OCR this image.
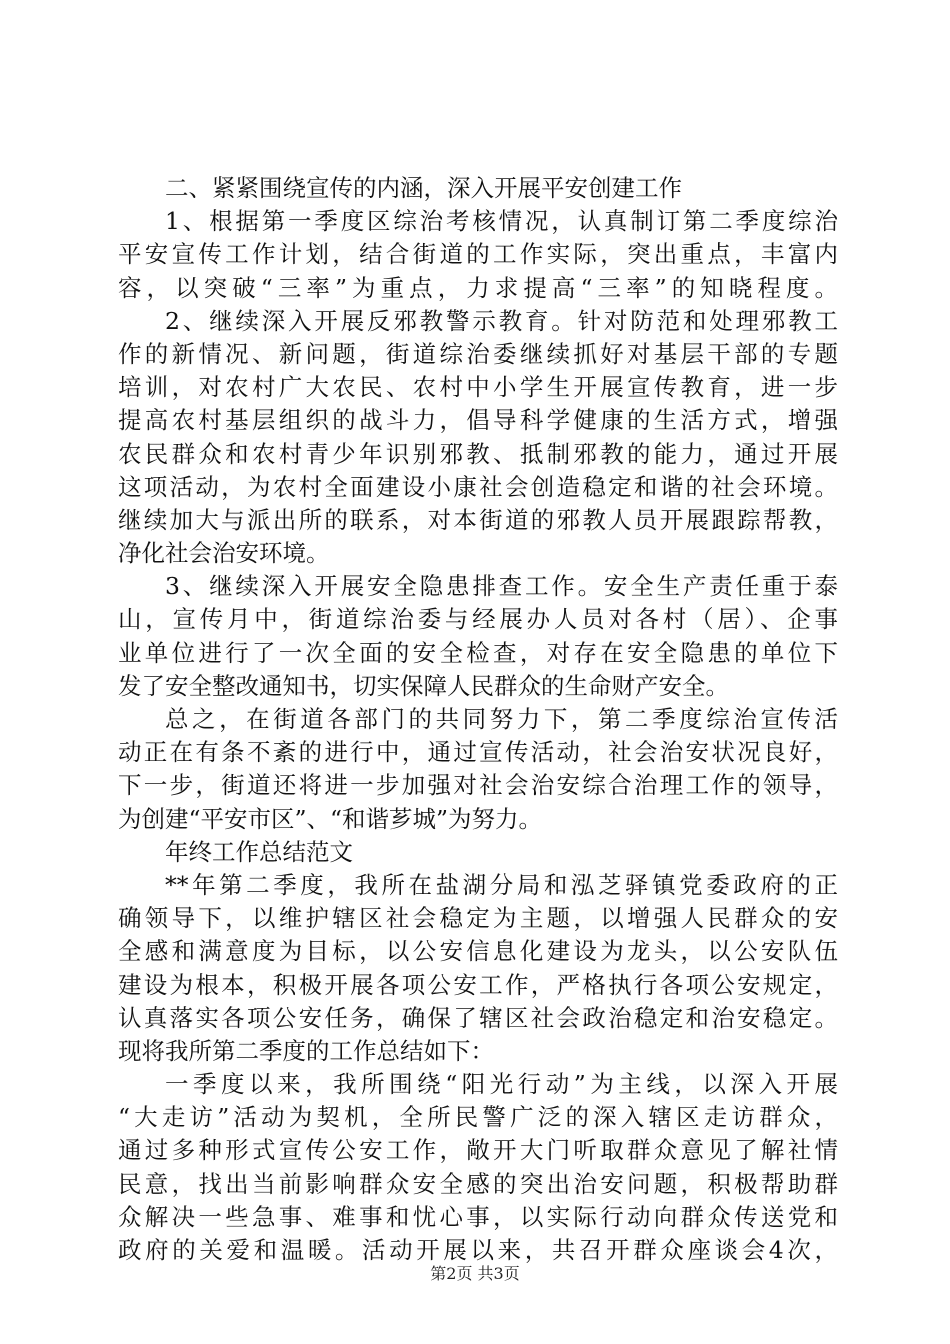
二、紧紧围绕宣传的内涵，深入开展平安创建工作
1、根据第一季度区综治考核情况，认真制订第二季度综治
平安宣传工作计划，结合街道的工作实际，突出重点，丰富内
容，以突破“三率”为重点，力求提高“三率”的知晓程度。
2、继续深入开展反邪教警示教育。针对防范和处理邪教工
作的新情况、新问题，街道综治委继续抓好对基层干部的专题
培训，对农村广大农民、农村中小学生开展宣传教育，进一步
提高农村基层组织的战斗力，倡导科学健康的生活方式，增强
农民群众和农村青少年识别邪教、抵制邪教的能力，通过开展
这项活动，为农村全面建设小康社会创造稳定和谐的社会环境。
继续加大与派出所的联系，对本街道的邪教人员开展跟踪帮教，
净化社会治安环境。
3、继续深入开展安全隐患排查工作。安全生产责任重于泰
山，宣传月中，街道综治委与经展办人员对各村（居）、企事
业单位进行了一次全面的安全检查，对存在安全隐患的单位下
发了安全整改通知书，切实保障人民群众的生命财产安全。
总之，在街道各部门的共同努力下，第二季度综治宣传活
动正在有条不紊的进行中，通过宣传活动，社会治安状况良好，
下一步，街道还将进一步加强对社会治安综合治理工作的领导，
为创建“平安市区”、“和谐芗城”为努力。
年终工作总结范文
**年第二季度，我所在盐湖分局和泓芝驿镇党委政府的正
确领导下，以维护辖区社会稳定为主题，以增强人民群众的安
全感和满意度为目标，以公安信息化建设为龙头，以公安队伍
建设为根本，积极开展各项公安工作，严格执行各项公安规定，
认真落实各项公安任务，确保了辖区社会政治稳定和治安稳定。
现将我所第二季度的工作总结如下：
一季度以来，我所围绕“阳光行动”为主线，以深入开展
“大走访”活动为契机，全所民警广泛的深入辖区走访群众，
通过多种形式宣传公安工作，敞开大门听取群众意见了解社情
民意，找出当前影响群众安全感的突出治安问题，积极帮助群
众解决一些急事、难事和忧心事，以实际行动向群众传送党和
政府的关爱和温暖。活动开展以来，共召开群众座谈会4次，
第2页 共3页
